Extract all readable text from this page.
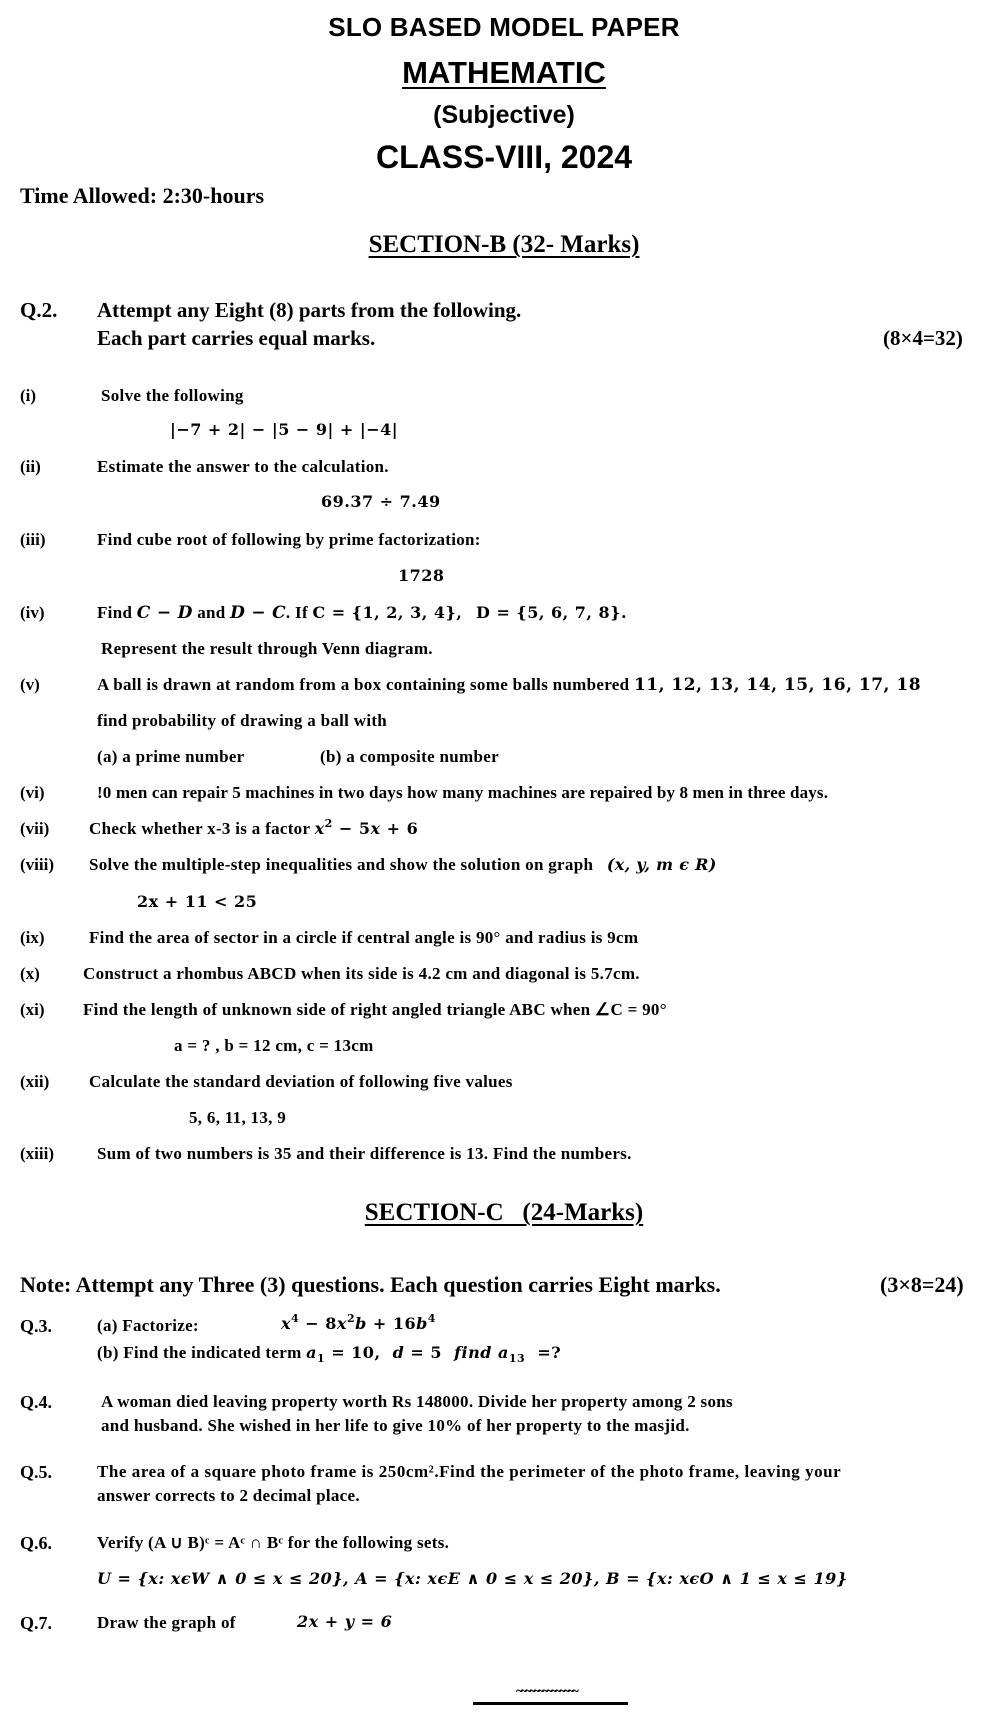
SLO BASED MODEL PAPER
MATHEMATIC
(Subjective)
CLASS-VIII, 2024
Time Allowed: 2:30-hours
SECTION-B (32- Marks)
Q.2. Attempt any Eight (8) parts from the following.
Each part carries equal marks.	(8×4=32)
(i)	Solve the following
|−7 + 2| − |5 − 9| + |−4|
(ii)	Estimate the answer to the calculation.
69.37 ÷ 7.49
(iii)	Find cube root of following by prime factorization:
1728
(iv)	Find C − D and D − C. If C = {1, 2, 3, 4}, D = {5, 6, 7, 8}.
Represent the result through Venn diagram.
(v)	A ball is drawn at random from a box containing some balls numbered 11, 12, 13, 14, 15, 16, 17, 18
find probability of drawing a ball with
(a) a prime number	(b) a composite number
(vi)	!0 men can repair 5 machines in two days how many machines are repaired by 8 men in three days.
(vii) Check whether x-3 is a factor $x^2 - 5x + 6$
(viii) Solve the multiple-step inequalities and show the solution on graph (x, y, m ϵ R)
2x + 11 < 25
(ix)	Find the area of sector in a circle if central angle is 90° and radius is 9cm
(x)	Construct a rhombus ABCD when its side is 4.2 cm and diagonal is 5.7cm.
(xi) Find the length of unknown side of right angled triangle ABC when ∠C = 90°
a = ? , b = 12 cm, c = 13cm
(xii) Calculate the standard deviation of following five values
5, 6, 11, 13, 9
(xiii)	Sum of two numbers is 35 and their difference is 13. Find the numbers.
SECTION-C   (24-Marks)
Note: Attempt any Three (3) questions. Each question carries Eight marks.	(3×8=24)
Q.3.	(a) Factorize:	$x^4 - 8x^2b + 16b^4$
(b) Find the indicated term $a_1 = 10$,  d = 5  find $a_{13}$  =?
Q.4.	A woman died leaving property worth Rs 148000. Divide her property among 2 sons
and husband. She wished in her life to give 10% of her property to the masjid.
Q.5.	The area of a square photo frame is 250cm².Find the perimeter of the photo frame, leaving your
answer corrects to 2 decimal place.
Q.6.	Verify (A ∪ B)ᶜ = Aᶜ ∩ Bᶜ for the following sets.
U = {x: xϵW ∧ 0 ≤ x ≤ 20}, A = {x: xϵE ∧ 0 ≤ x ≤ 20}, B = {x: xϵO ∧ 1 ≤ x ≤ 19}
Q.7.	Draw the graph of	2x + y = 6
~~~~~~~~~~~~~~
